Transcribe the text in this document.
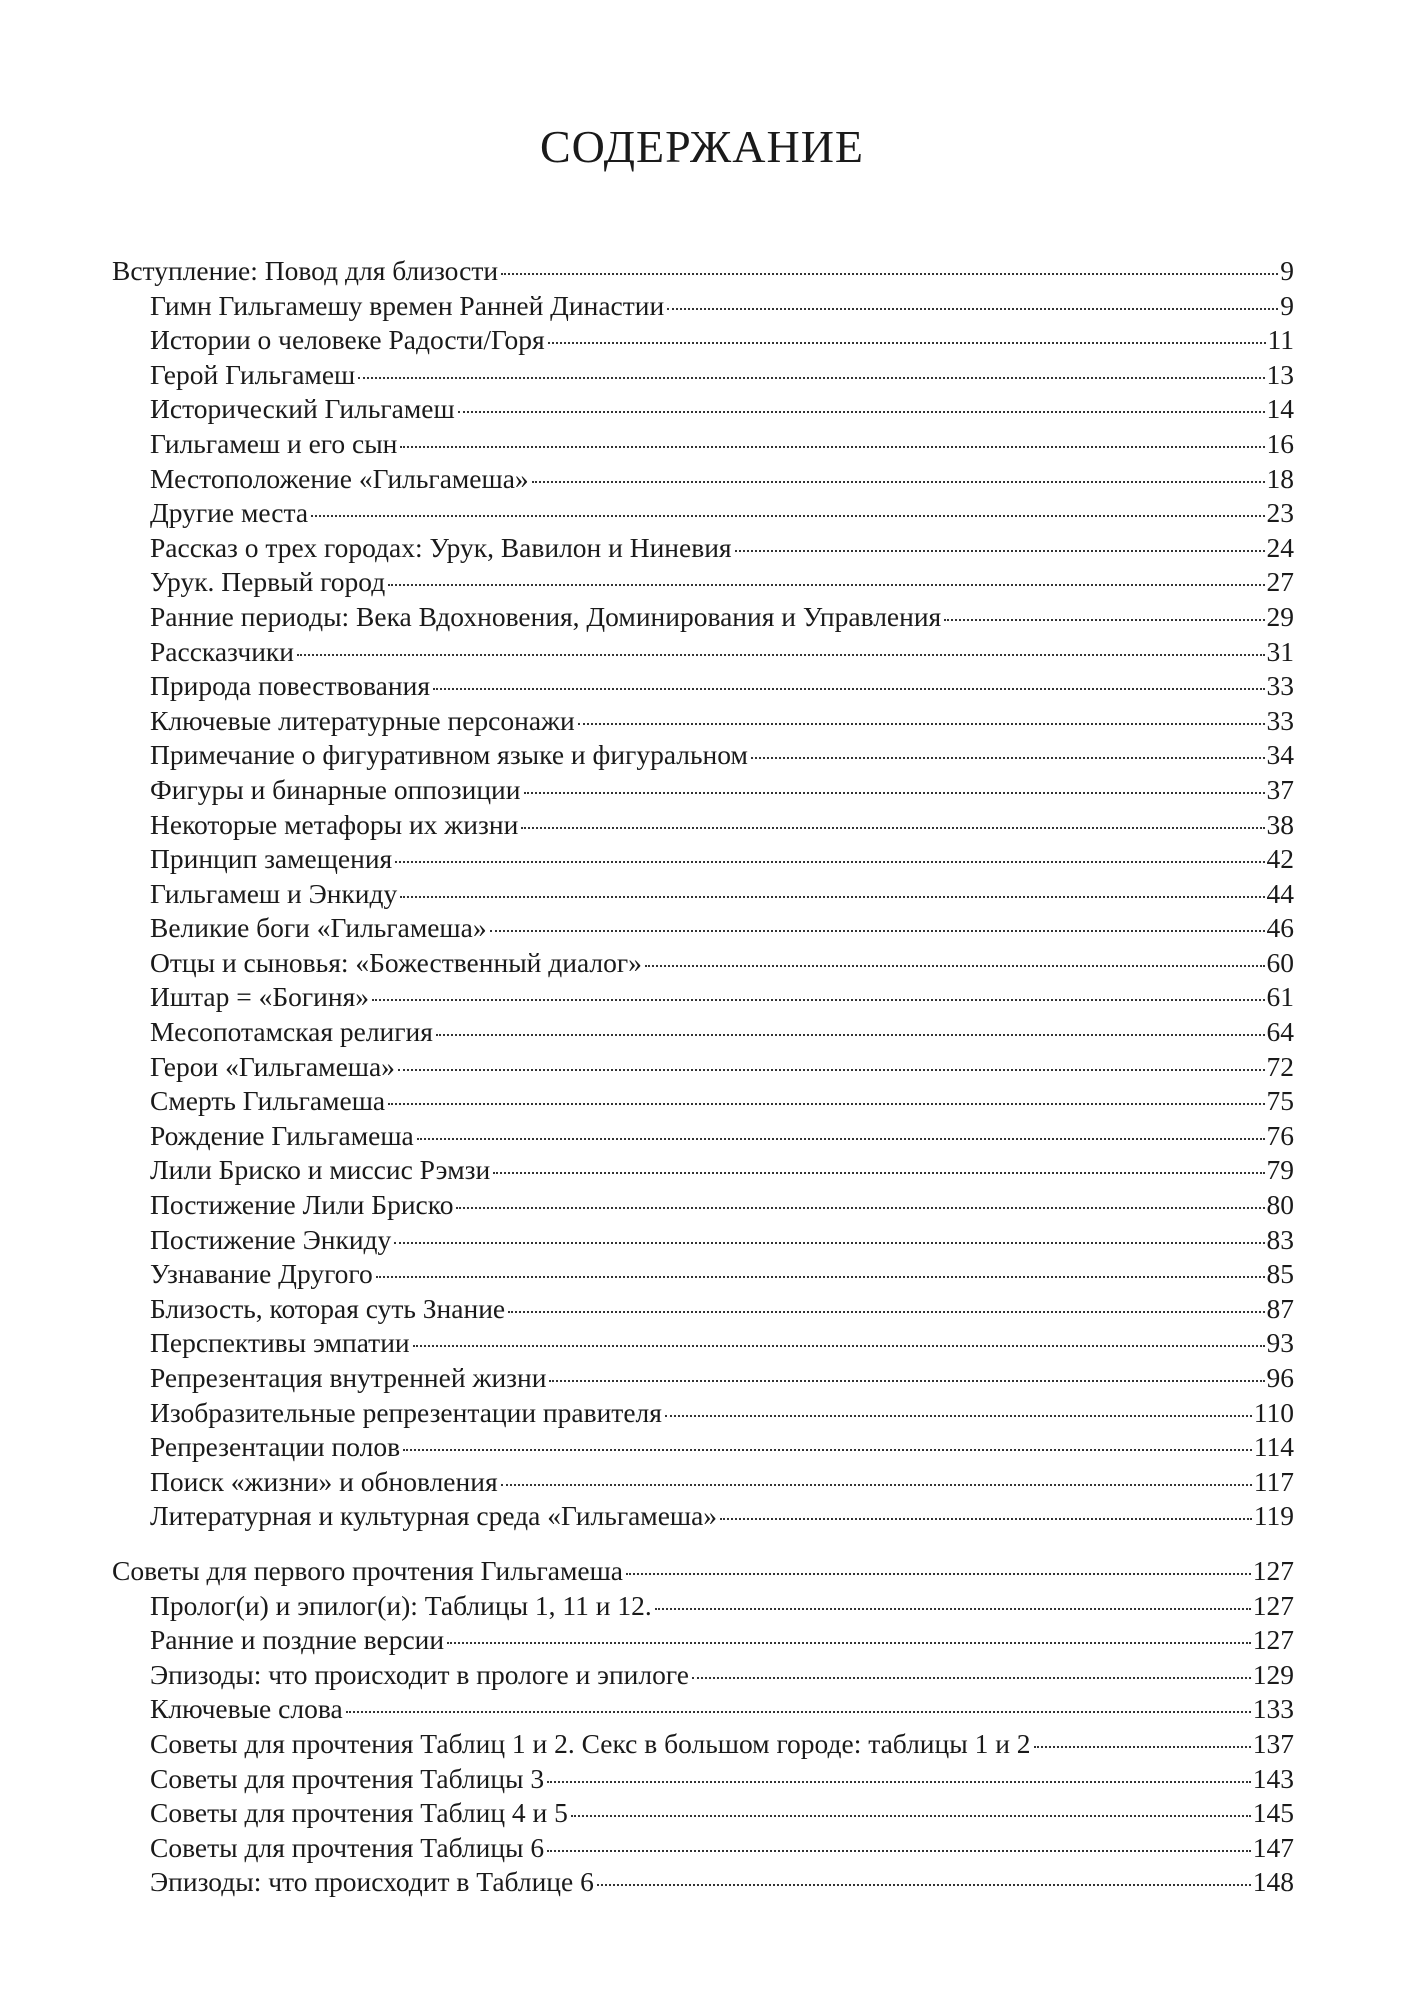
СОДЕРЖАНИЕ
Вступление: Повод для близости	9
Гимн Гильгамешу времен Ранней Династии	9
Истории о человеке Радости/Горя	11
Герой Гильгамеш	13
Исторический Гильгамеш	14
Гильгамеш и его сын	16
Местоположение «Гильгамеша»	18
Другие места	23
Рассказ о трех городах: Урук, Вавилон и Ниневия	24
Урук. Первый город	27
Ранние периоды: Века Вдохновения, Доминирования и Управления	29
Рассказчики	31
Природа повествования	33
Ключевые литературные персонажи	33
Примечание о фигуративном языке и фигуральном	34
Фигуры и бинарные оппозиции	37
Некоторые метафоры их жизни	38
Принцип замещения	42
Гильгамеш и Энкиду	44
Великие боги «Гильгамеша»	46
Отцы и сыновья: «Божественный диалог»	60
Иштар = «Богиня»	61
Месопотамская религия	64
Герои «Гильгамеша»	72
Смерть Гильгамеша	75
Рождение Гильгамеша	76
Лили Бриско и миссис Рэмзи	79
Постижение Лили Бриско	80
Постижение Энкиду	83
Узнавание Другого	85
Близость, которая суть Знание	87
Перспективы эмпатии	93
Репрезентация внутренней жизни	96
Изобразительные репрезентации правителя	110
Репрезентации полов	114
Поиск «жизни» и обновления	117
Литературная и культурная среда «Гильгамеша»	119
Советы для первого прочтения Гильгамеша	127
Пролог(и) и эпилог(и): Таблицы 1, 11 и 12.	127
Ранние и поздние версии	127
Эпизоды: что происходит в прологе и эпилоге	129
Ключевые слова	133
Советы для прочтения Таблиц 1 и 2. Секс в большом городе: таблицы 1 и 2	137
Советы для прочтения Таблицы 3	143
Советы для прочтения Таблиц 4 и 5	145
Советы для прочтения Таблицы 6	147
Эпизоды: что происходит в Таблице 6	148
